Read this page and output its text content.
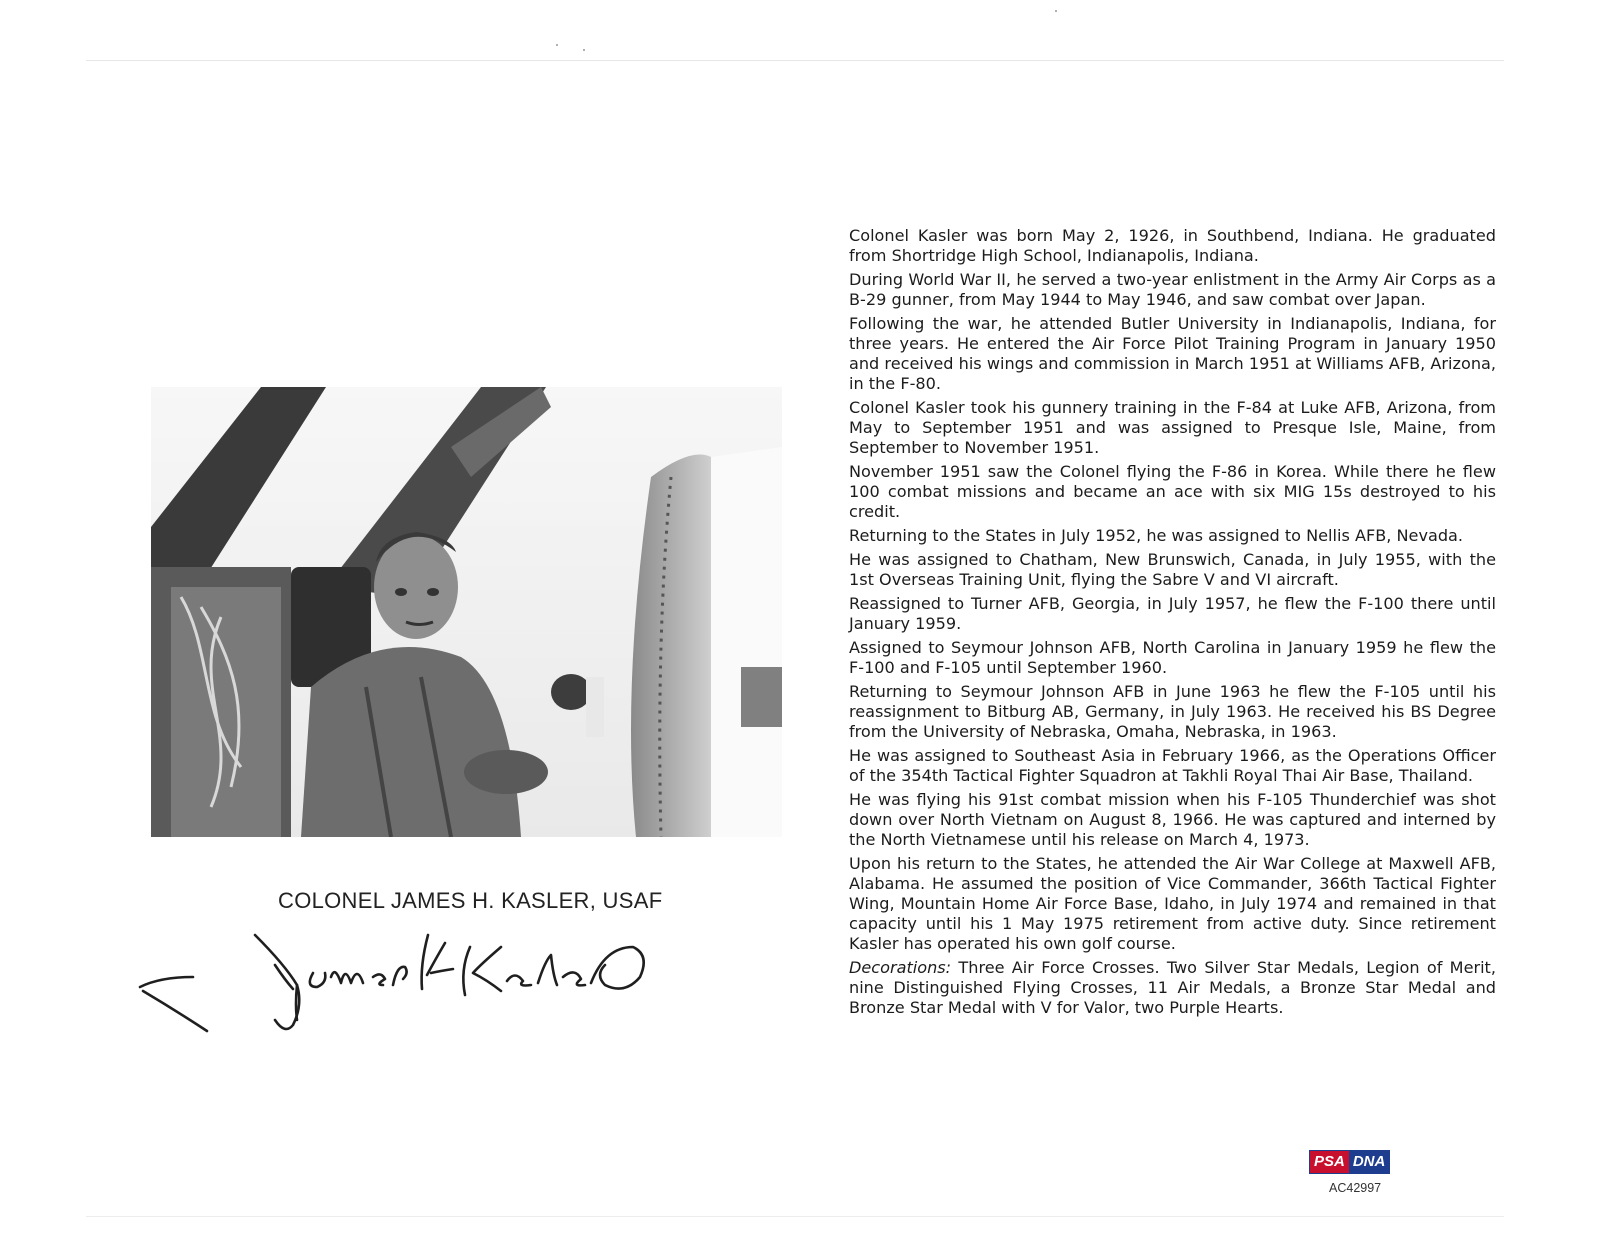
COLONEL JAMES H. KASLER, USAF

Colonel Kasler was born May 2, 1926, in Southbend, Indiana. He graduated from Shortridge High School, Indianapolis, Indiana.

During World War II, he served a two-year enlistment in the Army Air Corps as a B-29 gunner, from May 1944 to May 1946, and saw combat over Japan.

Following the war, he attended Butler University in Indianapolis, Indiana, for three years. He entered the Air Force Pilot Training Program in January 1950 and received his wings and commission in March 1951 at Williams AFB, Arizona, in the F-80.

Colonel Kasler took his gunnery training in the F-84 at Luke AFB, Arizona, from May to September 1951 and was assigned to Presque Isle, Maine, from September to November 1951.

November 1951 saw the Colonel flying the F-86 in Korea. While there he flew 100 combat missions and became an ace with six MIG 15s destroyed to his credit.

Returning to the States in July 1952, he was assigned to Nellis AFB, Nevada.

He was assigned to Chatham, New Brunswich, Canada, in July 1955, with the 1st Overseas Training Unit, flying the Sabre V and VI aircraft.

Reassigned to Turner AFB, Georgia, in July 1957, he flew the F-100 there until January 1959.

Assigned to Seymour Johnson AFB, North Carolina in January 1959 he flew the F-100 and F-105 until September 1960.

Returning to Seymour Johnson AFB in June 1963 he flew the F-105 until his reassignment to Bitburg AB, Germany, in July 1963. He received his BS Degree from the University of Nebraska, Omaha, Nebraska, in 1963.

He was assigned to Southeast Asia in February 1966, as the Operations Officer of the 354th Tactical Fighter Squadron at Takhli Royal Thai Air Base, Thailand.

He was flying his 91st combat mission when his F-105 Thunderchief was shot down over North Vietnam on August 8, 1966. He was captured and interned by the North Vietnamese until his release on March 4, 1973.

Upon his return to the States, he attended the Air War College at Maxwell AFB, Alabama. He assumed the position of Vice Commander, 366th Tactical Fighter Wing, Mountain Home Air Force Base, Idaho, in July 1974 and remained in that capacity until his 1 May 1975 retirement from active duty. Since retirement Kasler has operated his own golf course.

Decorations: Three Air Force Crosses. Two Silver Star Medals, Legion of Merit, nine Distinguished Flying Crosses, 11 Air Medals, a Bronze Star Medal and Bronze Star Medal with V for Valor, two Purple Hearts.

PSA DNA
AC42997
